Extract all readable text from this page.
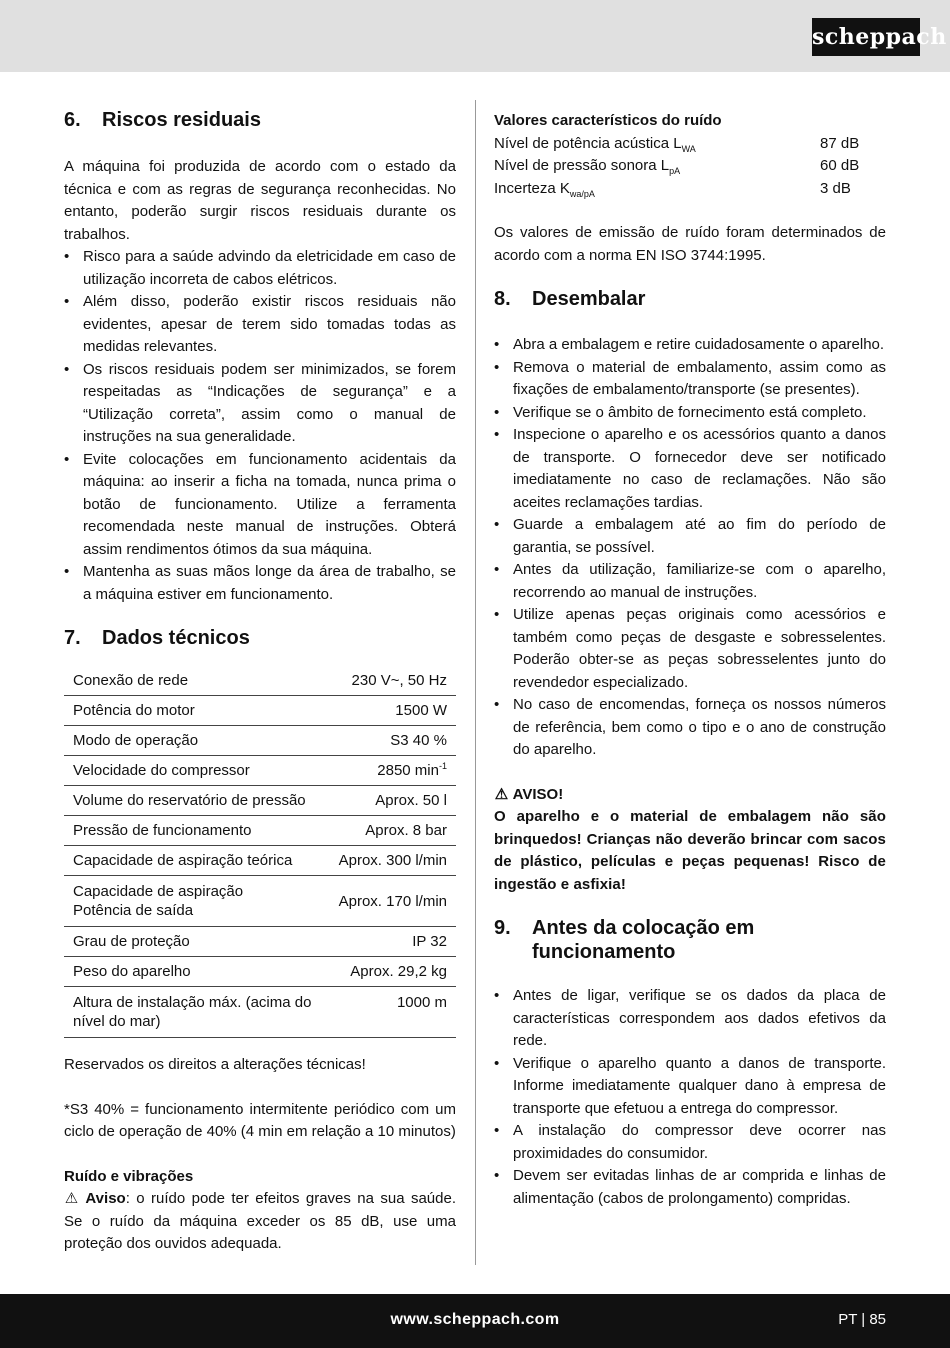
scheppach
6.	Riscos residuais

A máquina foi produzida de acordo com o estado da técnica e com as regras de segurança reconhecidas. No entanto, poderão surgir riscos residuais durante os trabalhos.

• Risco para a saúde advindo da eletricidade em caso de utilização incorreta de cabos elétricos.
• Além disso, poderão existir riscos residuais não evidentes, apesar de terem sido tomadas todas as medidas relevantes.
• Os riscos residuais podem ser minimizados, se forem respeitadas as “Indicações de segurança” e a “Utilização correta”, assim como o manual de instruções na sua generalidade.
• Evite colocações em funcionamento acidentais da máquina: ao inserir a ficha na tomada, nunca prima o botão de funcionamento. Utilize a ferramenta recomendada neste manual de instruções. Obterá assim rendimentos ótimos da sua máquina.
• Mantenha as suas mãos longe da área de trabalho, se a máquina estiver em funcionamento.
7.	Dados técnicos
Conexão de rede	230 V~, 50 Hz
Potência do motor	1500 W
Modo de operação	S3 40 %
Velocidade do compressor	2850 $\min^{-1}$
Volume do reservatório de pressão	Aprox. 50 l
Pressão de funcionamento	Aprox. 8 bar
Capacidade de aspiração teórica	Aprox. 300 l/min

Capacidade de aspiração
Potência de saída	Aprox. 170 l/min
Grau de proteção	IP 32
Peso do aparelho	Aprox. 29,2 kg
Altura de instalação máx. (acima do nível do mar)	1000 m

Reservados os direitos a alterações técnicas!

*S3 40% = funcionamento intermitente periódico com um ciclo de operação de 40% (4 min em relação a 10 minutos)

Ruído e vibrações

⚠ Aviso: o ruído pode ter efeitos graves na sua saúde. Se o ruído da máquina exceder os 85 dB, use uma proteção dos ouvidos adequada.

Valores característicos do ruído

Nível de potência acústica $L_{WA}$	87 dB
Nível de pressão sonora $L_{pA}$	60 dB
Incerteza $K_{wa/pA}$	3 dB

Os valores de emissão de ruído foram determinados de acordo com a norma EN ISO 3744:1995.

8.	Desembalar
• Abra a embalagem e retire cuidadosamente o aparelho.
• Remova o material de embalamento, assim como as fixações de embalamento/transporte (se presentes).
• Verifique se o âmbito de fornecimento está completo.
• Inspecione o aparelho e os acessórios quanto a danos de transporte. O fornecedor deve ser notificado imediatamente no caso de reclamações. Não são aceites reclamações tardias.
• Guarde a embalagem até ao fim do período de garantia, se possível.
• Antes da utilização, familiarize-se com o aparelho, recorrendo ao manual de instruções.
• Utilize apenas peças originais como acessórios e também como peças de desgaste e sobresselentes. Poderão obter-se as peças sobresselentes junto do revendedor especializado.
• No caso de encomendas, forneça os nossos números de referência, bem como o tipo e o ano de construção do aparelho.

⚠ AVISO!

O aparelho e o material de embalagem não são brinquedos! Crianças não deverão brincar com sacos de plástico, películas e peças pequenas! Risco de ingestão e asfixia!

9.	Antes da colocação em funcionamento
• Antes de ligar, verifique se os dados da placa de características correspondem aos dados efetivos da rede.
• Verifique o aparelho quanto a danos de transporte. Informe imediatamente qualquer dano à empresa de transporte que efetuou a entrega do compressor.
• A instalação do compressor deve ocorrer nas proximidades do consumidor.
• Devem ser evitadas linhas de ar comprida e linhas de alimentação (cabos de prolongamento) compridas.
www.scheppach.com	PT | 85
